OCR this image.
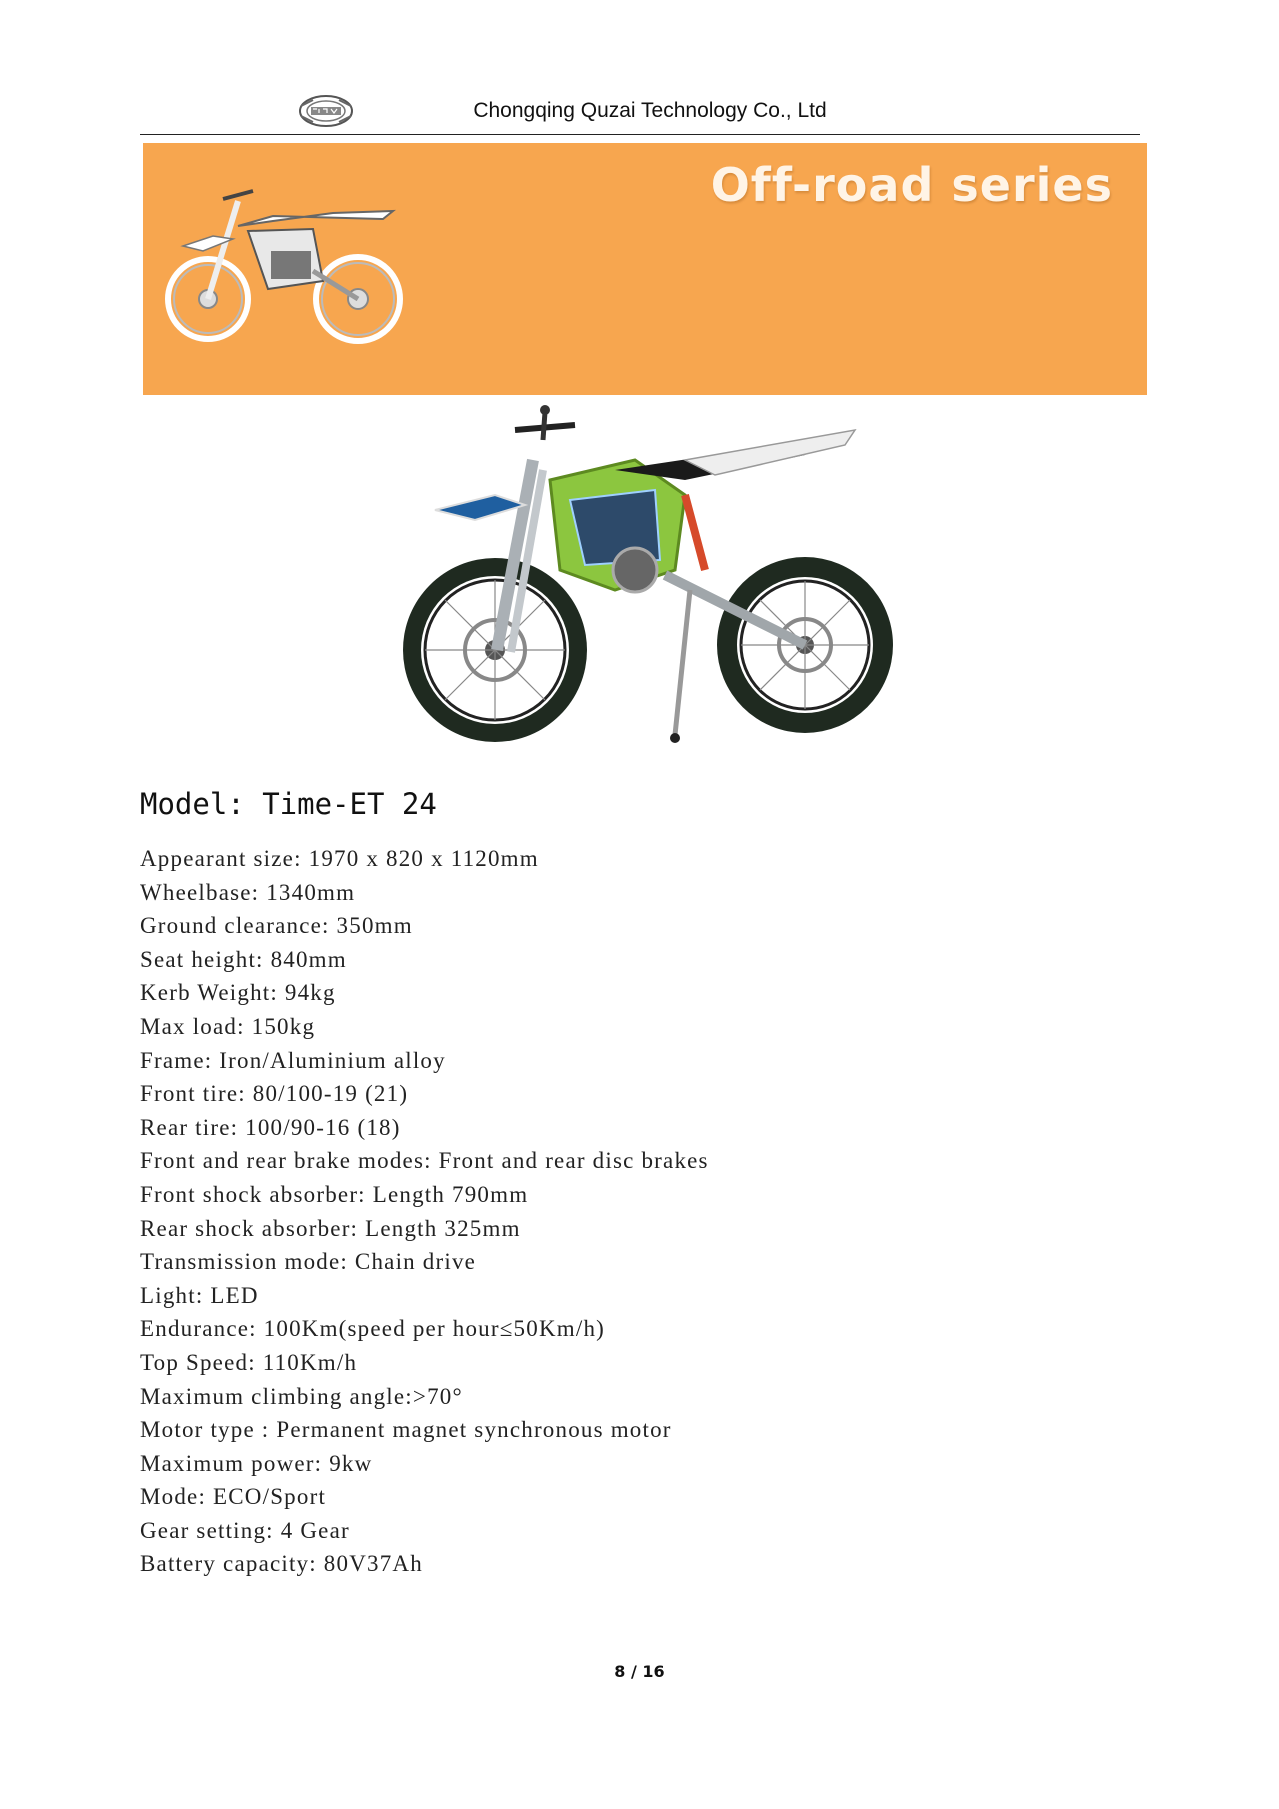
Chongqing Quzai Technology Co., Ltd
Off-road series
Model: Time-ET 24
Appearant size: 1970 x 820 x 1120mm
Wheelbase: 1340mm
Ground clearance: 350mm
Seat height: 840mm
Kerb Weight: 94kg
Max load: 150kg
Frame: Iron/Aluminium alloy
Front tire: 80/100-19 (21)
Rear tire: 100/90-16 (18)
Front and rear brake modes: Front and rear disc brakes
Front shock absorber: Length 790mm
Rear shock absorber: Length 325mm
Transmission mode: Chain drive
Light: LED
Endurance: 100Km(speed per hour≤50Km/h)
Top Speed: 110Km/h
Maximum climbing angle:>70°
Motor type : Permanent magnet synchronous motor
Maximum power: 9kw
Mode: ECO/Sport
Gear setting: 4 Gear
Battery capacity: 80V37Ah
8 / 16
